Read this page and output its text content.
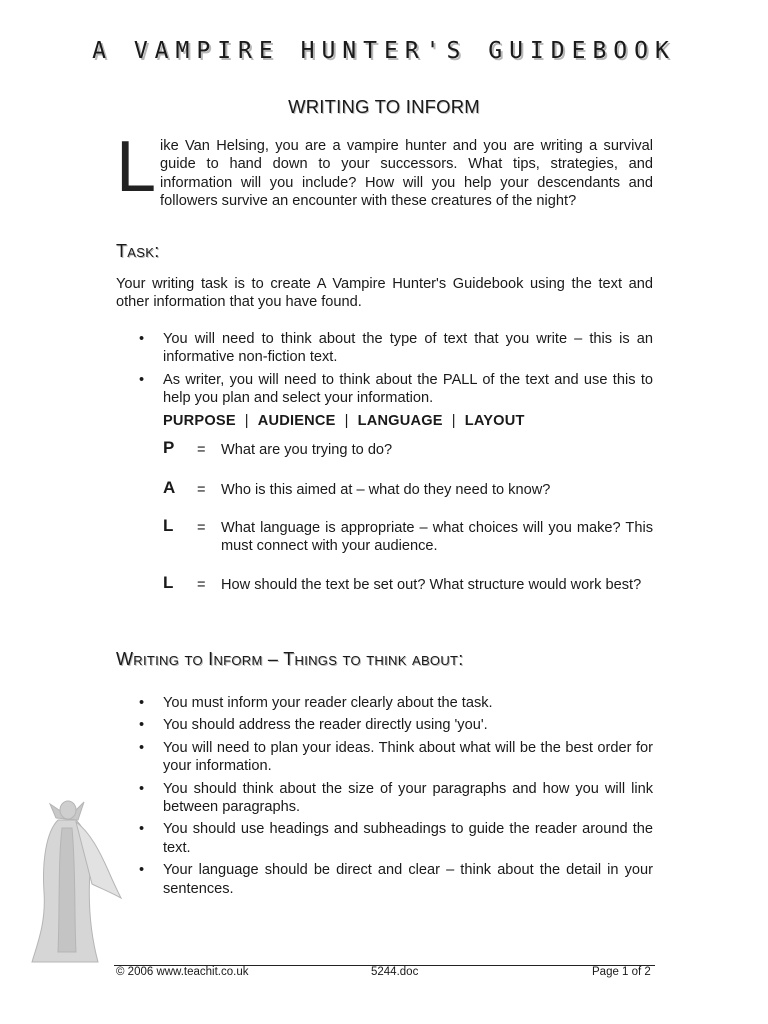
A VAMPIRE HUNTER'S GUIDEBOOK
WRITING TO INFORM
Like Van Helsing, you are a vampire hunter and you are writing a survival guide to hand down to your successors. What tips, strategies, and information will you include? How will you help your descendants and followers survive an encounter with these creatures of the night?
Task:
Your writing task is to create A Vampire Hunter's Guidebook using the text and other information that you have found.
• You will need to think about the type of text that you write – this is an informative non-fiction text.
• As writer, you will need to think about the PALL of the text and use this to help you plan and select your information.
PURPOSE | AUDIENCE | LANGUAGE | LAYOUT
P = What are you trying to do?
A = Who is this aimed at – what do they need to know?
L = What language is appropriate – what choices will you make? This must connect with your audience.
L = How should the text be set out? What structure would work best?
Writing to Inform – Things to think about:
• You must inform your reader clearly about the task.
• You should address the reader directly using 'you'.
• You will need to plan your ideas. Think about what will be the best order for your information.
• You should think about the size of your paragraphs and how you will link between paragraphs.
• You should use headings and subheadings to guide the reader around the text.
• Your language should be direct and clear – think about the detail in your sentences.
© 2006 www.teachit.co.uk	5244.doc	Page 1 of 2
